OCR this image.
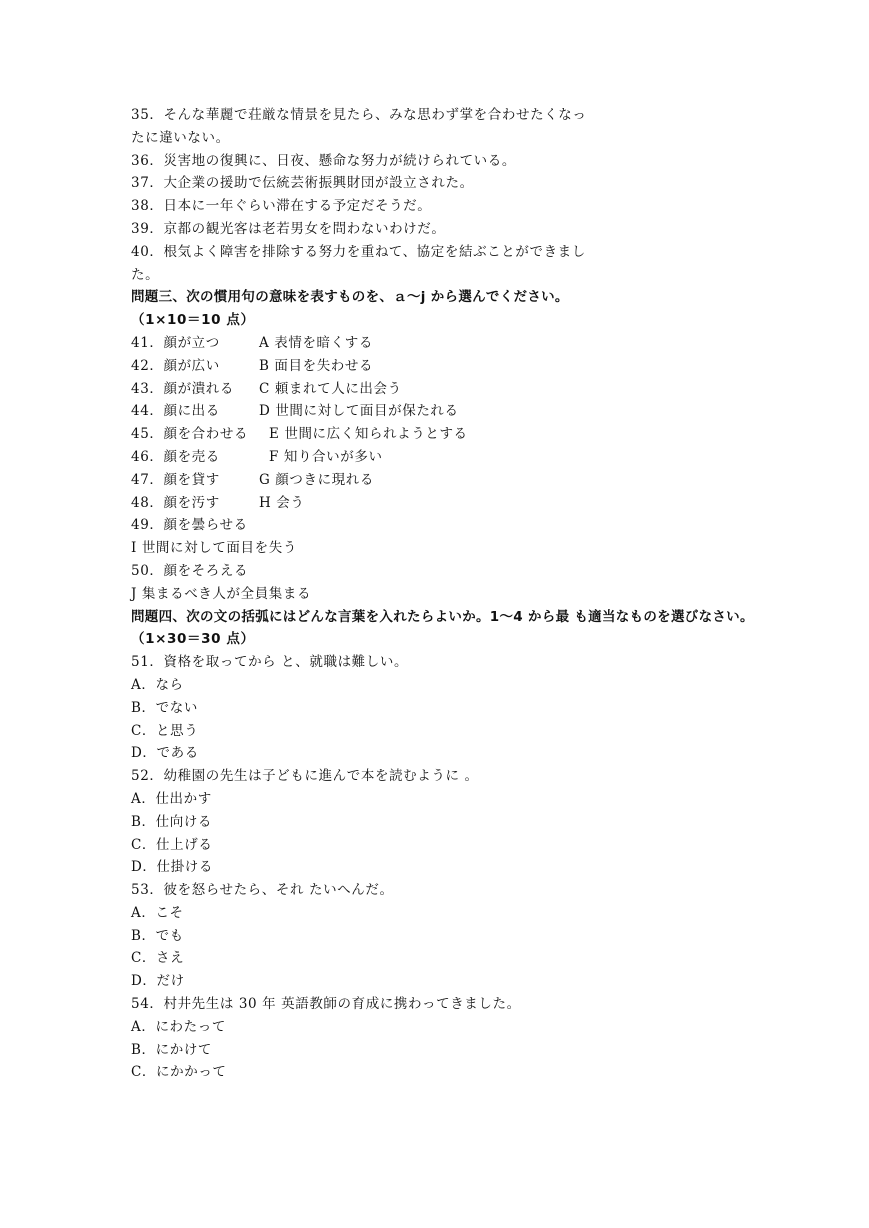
35．そんな華麗で荘厳な情景を見たら、みな思わず掌を合わせたくなっ
たに違いない。
36．災害地の復興に、日夜、懸命な努力が続けられている。
37．大企業の援助で伝統芸術振興財団が設立された。
38．日本に一年ぐらい滞在する予定だそうだ。
39．京都の観光客は老若男女を問わないわけだ。
40．根気よく障害を排除する努力を重ねて、協定を結ぶことができまし
た。
問題三、次の慣用句の意味を表すものを、ａ～j から選んでください。
（1×10＝10 点）
41．顔が立つ	A 表情を暗くする
42．顔が広い	B 面目を失わせる
43．顔が潰れる C 頼まれて人に出会う
44．顔に出る	D 世間に対して面目が保たれる
45．顔を合わせる E 世間に広く知られようとする
46．顔を売る	F 知り合いが多い
47．顔を貸す	G 顔つきに現れる
48．顔を汚す	H 会う
49．顔を曇らせる
I 世間に対して面目を失う
50．顔をそろえる
J 集まるべき人が全員集まる
問題四、次の文の括弧にはどんな言葉を入れたらよいか。1～4 から最 も適当なものを選びなさい。
（1×30＝30 点）
51．資格を取ってから と、就職は難しい。
A．なら
B．でない
C．と思う
D．である
52．幼稚園の先生は子どもに進んで本を読むように 。
A．仕出かす
B．仕向ける
C．仕上げる
D．仕掛ける
53．彼を怒らせたら、それ たいへんだ。
A．こそ
B．でも
C．さえ
D．だけ
54．村井先生は 30 年 英語教師の育成に携わってきました。
A．にわたって
B．にかけて
C．にかかって
